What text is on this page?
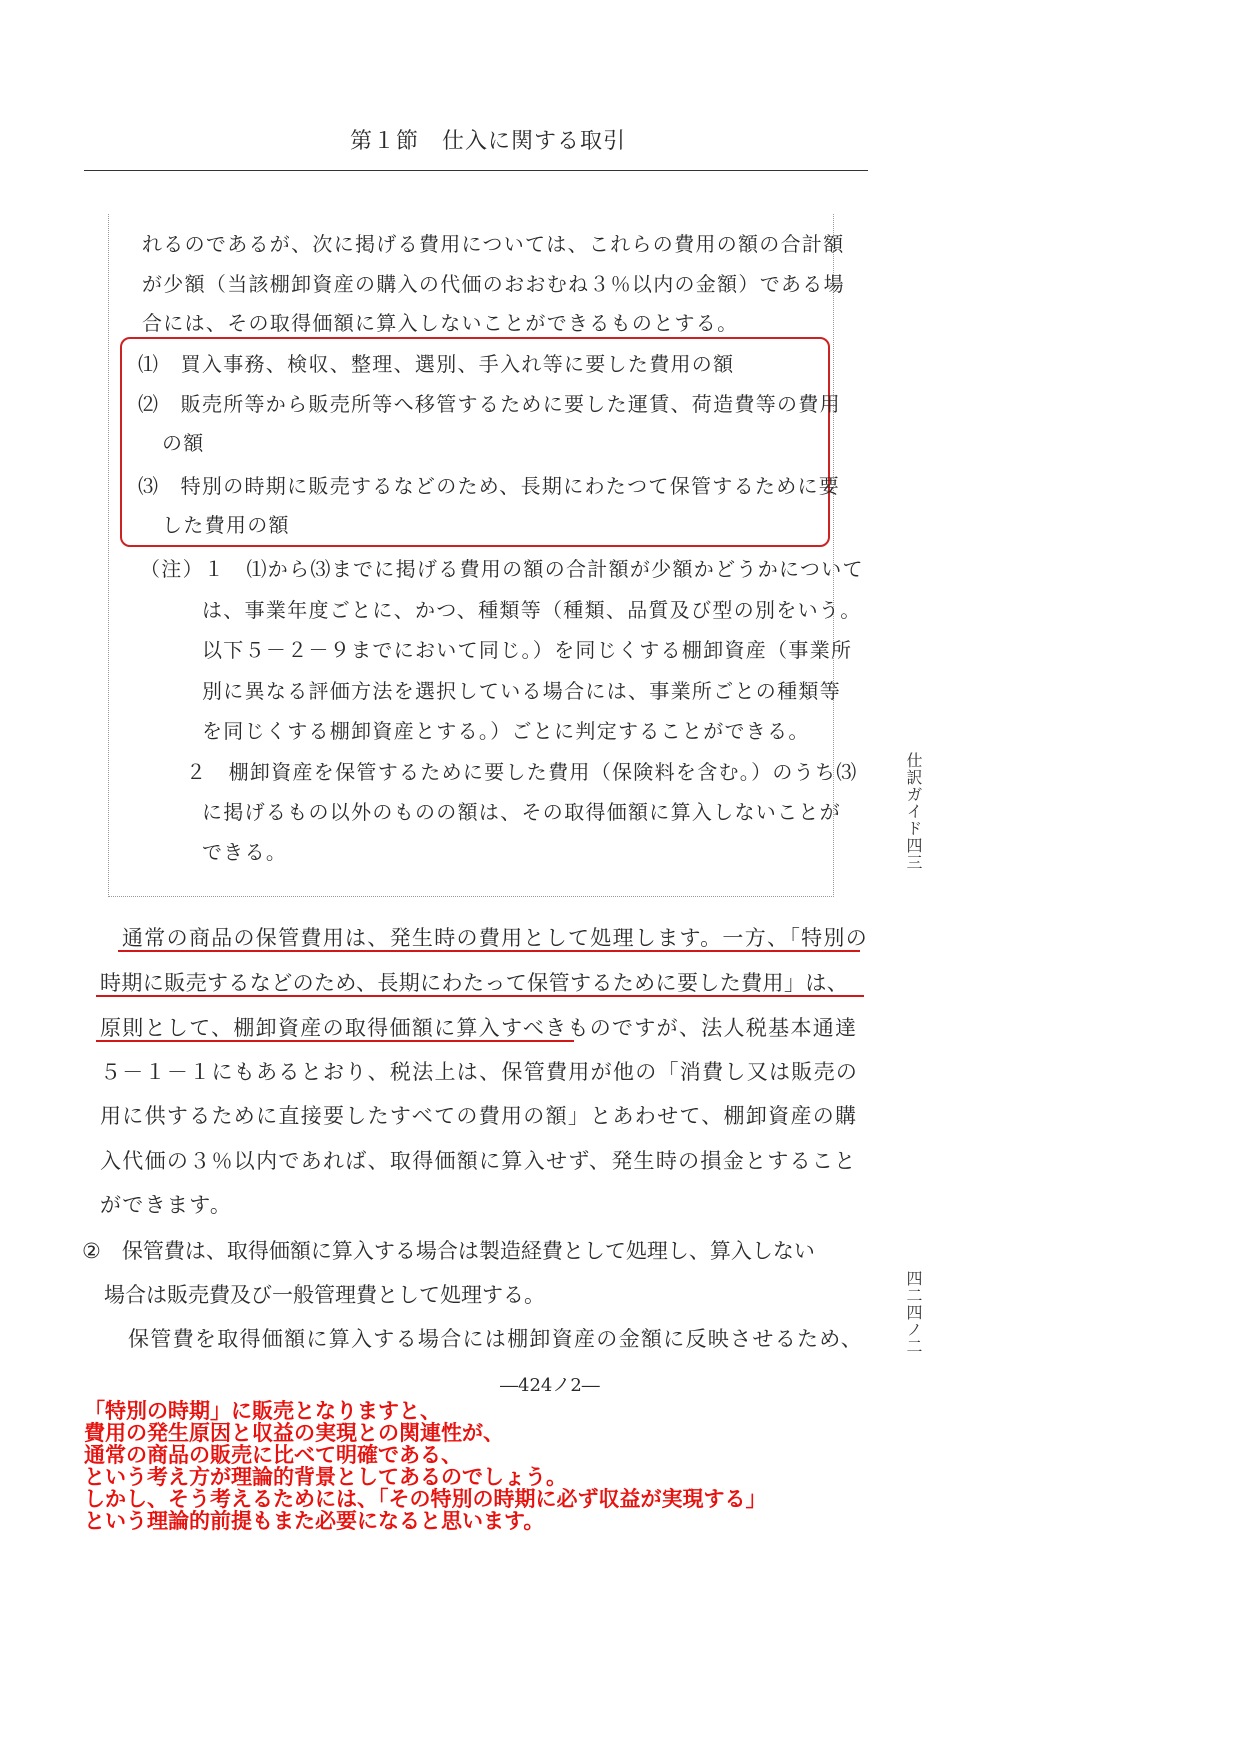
第１節　仕入に関する取引
れるのであるが、次に掲げる費用については、これらの費用の額の合計額
が少額（当該棚卸資産の購入の代価のおおむね３％以内の金額）である場
合には、その取得価額に算入しないことができるものとする。
⑴　買入事務、検収、整理、選別、手入れ等に要した費用の額
⑵　販売所等から販売所等へ移管するために要した運賃、荷造費等の費用
の額
⑶　特別の時期に販売するなどのため、長期にわたつて保管するために要
した費用の額
（注）１　⑴から⑶までに掲げる費用の額の合計額が少額かどうかについて
は、事業年度ごとに、かつ、種類等（種類、品質及び型の別をいう。
以下５－２－９までにおいて同じ。）を同じくする棚卸資産（事業所
別に異なる評価方法を選択している場合には、事業所ごとの種類等
を同じくする棚卸資産とする。）ごとに判定することができる。
２　棚卸資産を保管するために要した費用（保険料を含む。）のうち⑶
に掲げるもの以外のものの額は、その取得価額に算入しないことが
できる。
通常の商品の保管費用は、発生時の費用として処理します。一方、「特別の
時期に販売するなどのため、長期にわたって保管するために要した費用」は、
原則として、棚卸資産の取得価額に算入すべきものですが、法人税基本通達
５－１－１にもあるとおり、税法上は、保管費用が他の「消費し又は販売の
用に供するために直接要したすべての費用の額」とあわせて、棚卸資産の購
入代価の３％以内であれば、取得価額に算入せず、発生時の損金とすること
ができます。
②　保管費は、取得価額に算入する場合は製造経費として処理し、算入しない
場合は販売費及び一般管理費として処理する。
保管費を取得価額に算入する場合には棚卸資産の金額に反映させるため、
仕訳ガイド四三
四二四ノ二
―424ノ2―
「特別の時期」に販売となりますと、
費用の発生原因と収益の実現との関連性が、
通常の商品の販売に比べて明確である、
という考え方が理論的背景としてあるのでしょう。
しかし、そう考えるためには、「その特別の時期に必ず収益が実現する」
という理論的前提もまた必要になると思います。
